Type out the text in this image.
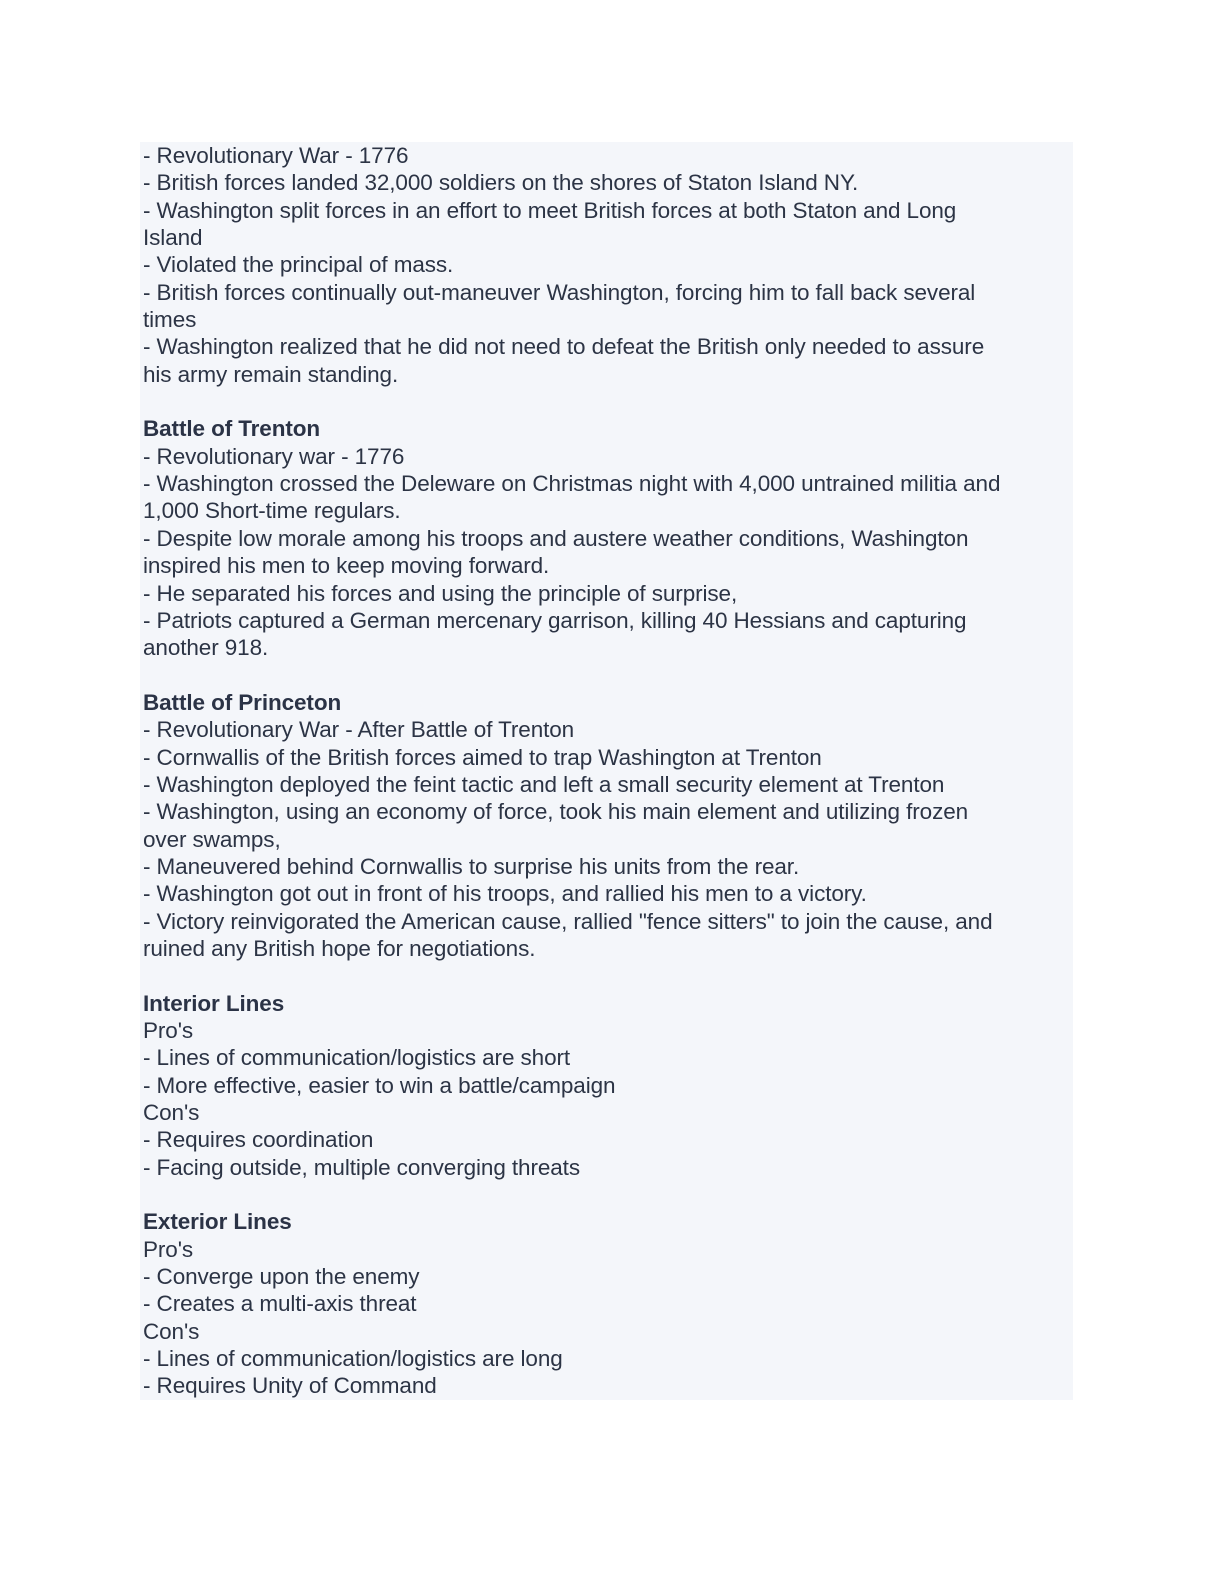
- Revolutionary War - 1776
- British forces landed 32,000 soldiers on the shores of Staton Island NY.
- Washington split forces in an effort to meet British forces at both Staton and Long
Island
- Violated the principal of mass.
- British forces continually out-maneuver Washington, forcing him to fall back several
times
- Washington realized that he did not need to defeat the British only needed to assure
his army remain standing.
Battle of Trenton
- Revolutionary war - 1776
- Washington crossed the Deleware on Christmas night with 4,000 untrained militia and
1,000 Short-time regulars.
- Despite low morale among his troops and austere weather conditions, Washington
inspired his men to keep moving forward.
- He separated his forces and using the principle of surprise,
- Patriots captured a German mercenary garrison, killing 40 Hessians and capturing
another 918.
Battle of Princeton
- Revolutionary War - After Battle of Trenton
- Cornwallis of the British forces aimed to trap Washington at Trenton
- Washington deployed the feint tactic and left a small security element at Trenton
- Washington, using an economy of force, took his main element and utilizing frozen
over swamps,
- Maneuvered behind Cornwallis to surprise his units from the rear.
- Washington got out in front of his troops, and rallied his men to a victory.
- Victory reinvigorated the American cause, rallied "fence sitters" to join the cause, and
ruined any British hope for negotiations.
Interior Lines
Pro's
- Lines of communication/logistics are short
- More effective, easier to win a battle/campaign
Con's
- Requires coordination
- Facing outside, multiple converging threats
Exterior Lines
Pro's
- Converge upon the enemy
- Creates a multi-axis threat
Con's
- Lines of communication/logistics are long
- Requires Unity of Command
